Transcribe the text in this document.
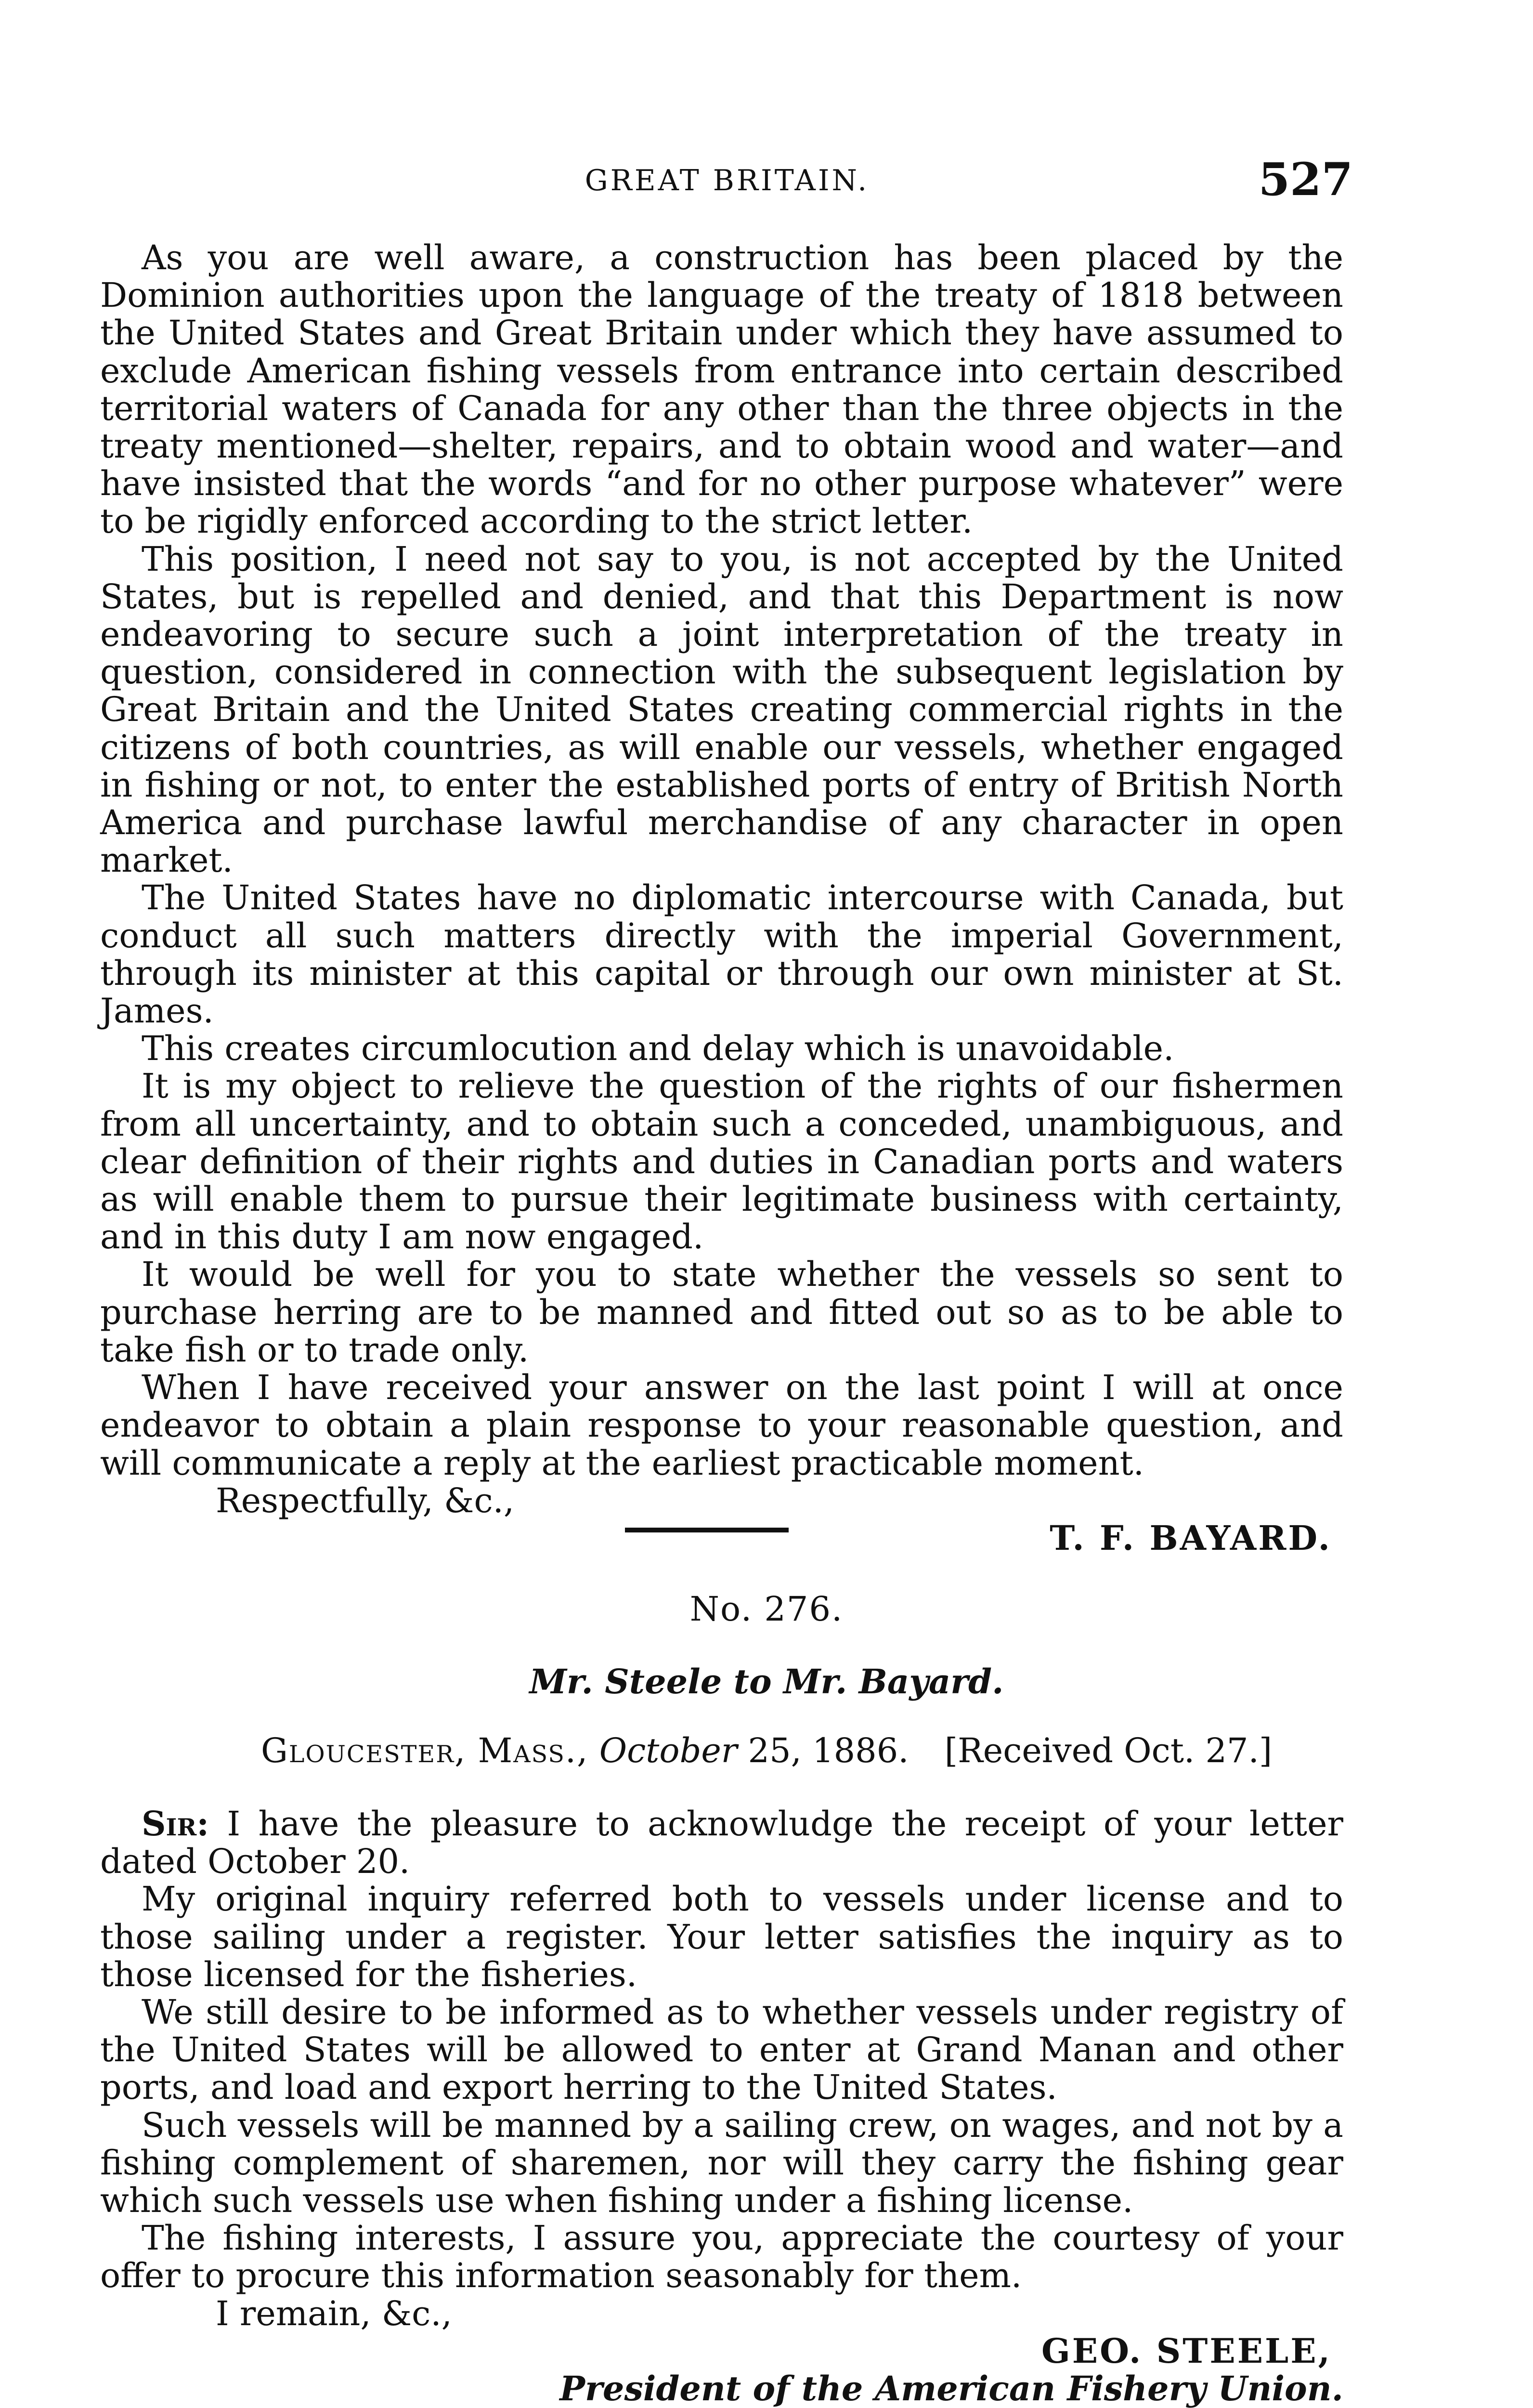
GREAT BRITAIN.	527

As you are well aware, a construction has been placed by the Dominion authorities upon the language of the treaty of 1818 between the United States and Great Britain under which they have assumed to exclude American fishing vessels from entrance into certain described territorial waters of Canada for any other than the three objects in the treaty mentioned—shelter, repairs, and to obtain wood and water—and have insisted that the words “and for no other purpose whatever” were to be rigidly enforced according to the strict letter.

This position, I need not say to you, is not accepted by the United States, but is repelled and denied, and that this Department is now endeavoring to secure such a joint interpretation of the treaty in question, considered in connection with the subsequent legislation by Great Britain and the United States creating commercial rights in the citizens of both countries, as will enable our vessels, whether engaged in fishing or not, to enter the established ports of entry of British North America and purchase lawful merchandise of any character in open market.

The United States have no diplomatic intercourse with Canada, but conduct all such matters directly with the imperial Government, through its minister at this capital or through our own minister at St. James.

This creates circumlocution and delay which is unavoidable.

It is my object to relieve the question of the rights of our fishermen from all uncertainty, and to obtain such a conceded, unambiguous, and clear definition of their rights and duties in Canadian ports and waters as will enable them to pursue their legitimate business with certainty, and in this duty I am now engaged.

It would be well for you to state whether the vessels so sent to purchase herring are to be manned and fitted out so as to be able to take fish or to trade only.

When I have received your answer on the last point I will at once endeavor to obtain a plain response to your reasonable question, and will communicate a reply at the earliest practicable moment.

Respectfully, &c.,
T. F. BAYARD.
No. 276.
Mr. Steele to Mr. Bayard.
Gloucester, Mass., October 25, 1886. [Received Oct. 27.]

Sir: I have the pleasure to acknowludge the receipt of your letter dated October 20.

My original inquiry referred both to vessels under license and to those sailing under a register. Your letter satisfies the inquiry as to those licensed for the fisheries.

We still desire to be informed as to whether vessels under registry of the United States will be allowed to enter at Grand Manan and other ports, and load and export herring to the United States.

Such vessels will be manned by a sailing crew, on wages, and not by a fishing complement of sharemen, nor will they carry the fishing gear which such vessels use when fishing under a fishing license.

The fishing interests, I assure you, appreciate the courtesy of your offer to procure this information seasonably for them.

I remain, &c.,
GEO. STEELE,
President of the American Fishery Union.
